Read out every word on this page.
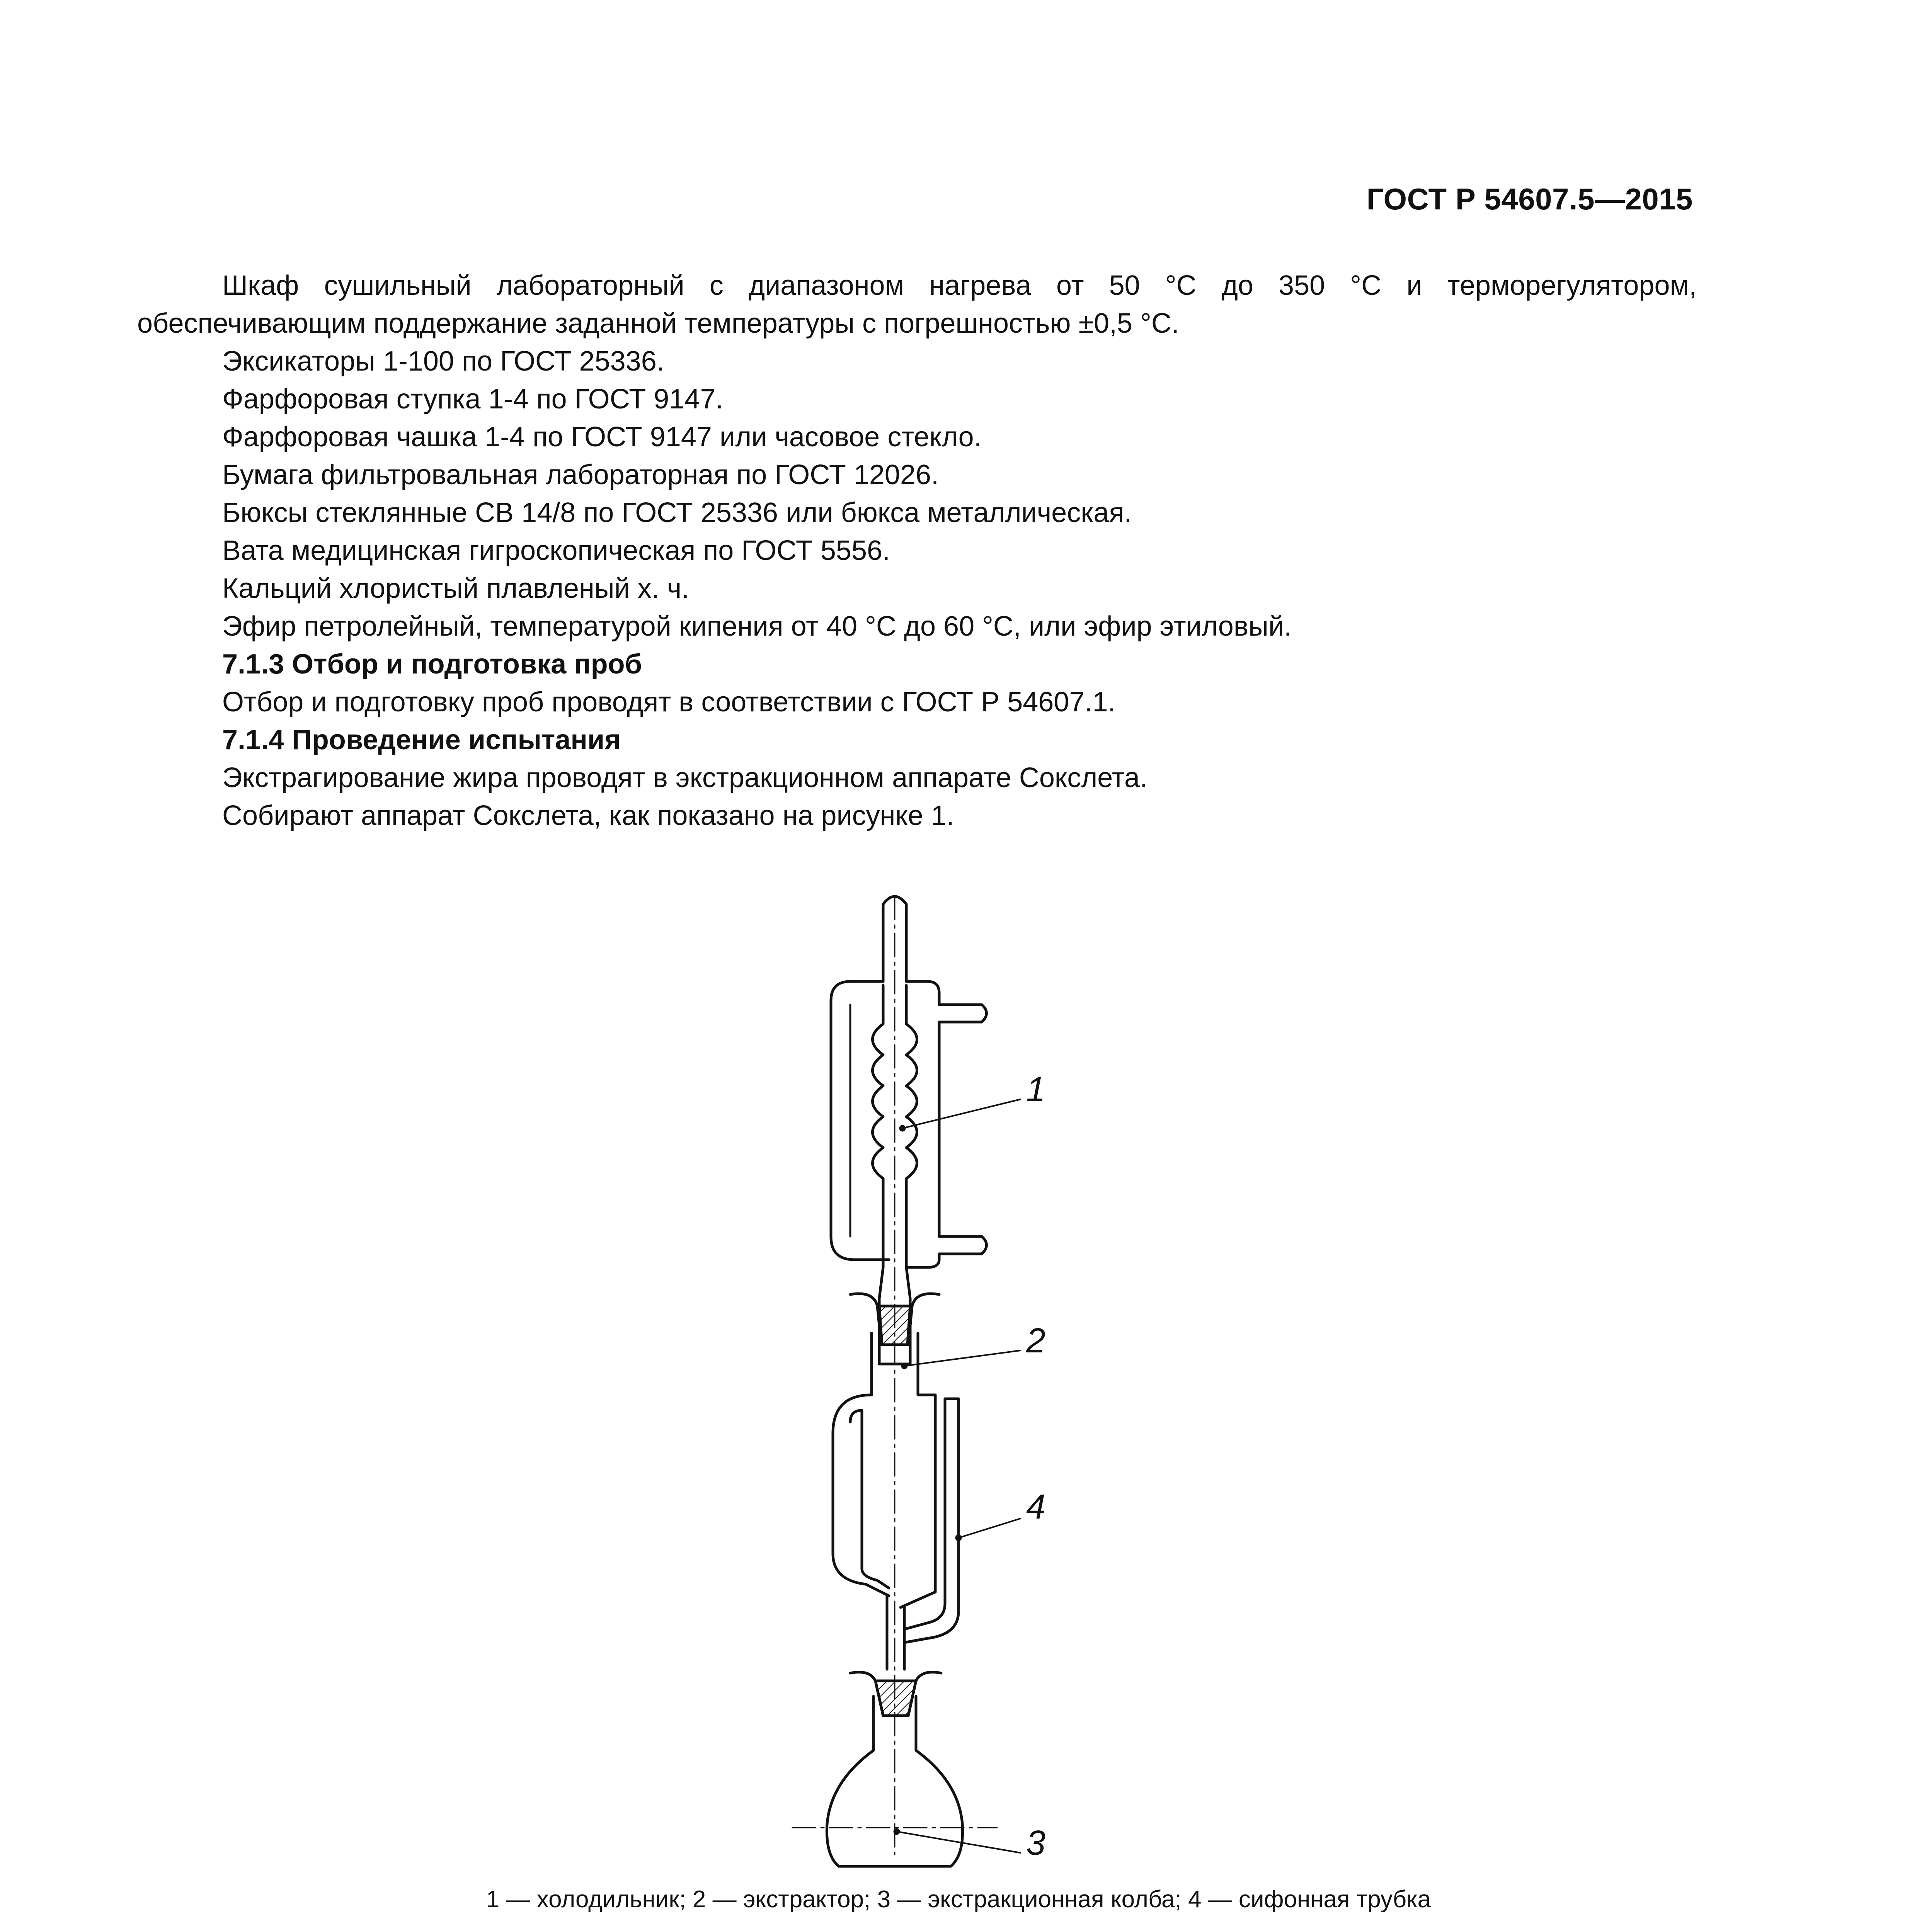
ГОСТ Р 54607.5—2015

Шкаф сушильный лабораторный с диапазоном нагрева от 50 °С до 350 °С и терморегулятором, обеспечивающим поддержание заданной температуры с погрешностью ±0,5 °С.

Эксикаторы 1-100 по ГОСТ 25336.

Фарфоровая ступка 1-4 по ГОСТ 9147.

Фарфоровая чашка 1-4 по ГОСТ 9147 или часовое стекло.

Бумага фильтровальная лабораторная по ГОСТ 12026.

Бюксы стеклянные СВ 14/8 по ГОСТ 25336 или бюкса металлическая.

Вата медицинская гигроскопическая по ГОСТ 5556.

Кальций хлористый плавленый х. ч.

Эфир петролейный, температурой кипения от 40 °С до 60 °С, или эфир этиловый.

7.1.3 Отбор и подготовка проб

Отбор и подготовку проб проводят в соответствии с ГОСТ Р 54607.1.

7.1.4 Проведение испытания

Экстрагирование жира проводят в экстракционном аппарате Сокслета.

Собирают аппарат Сокслета, как показано на рисунке 1.

1
2
4
3
1 — холодильник; 2 — экстрактор; 3 — экстракционная колба; 4 — сифонная трубка
